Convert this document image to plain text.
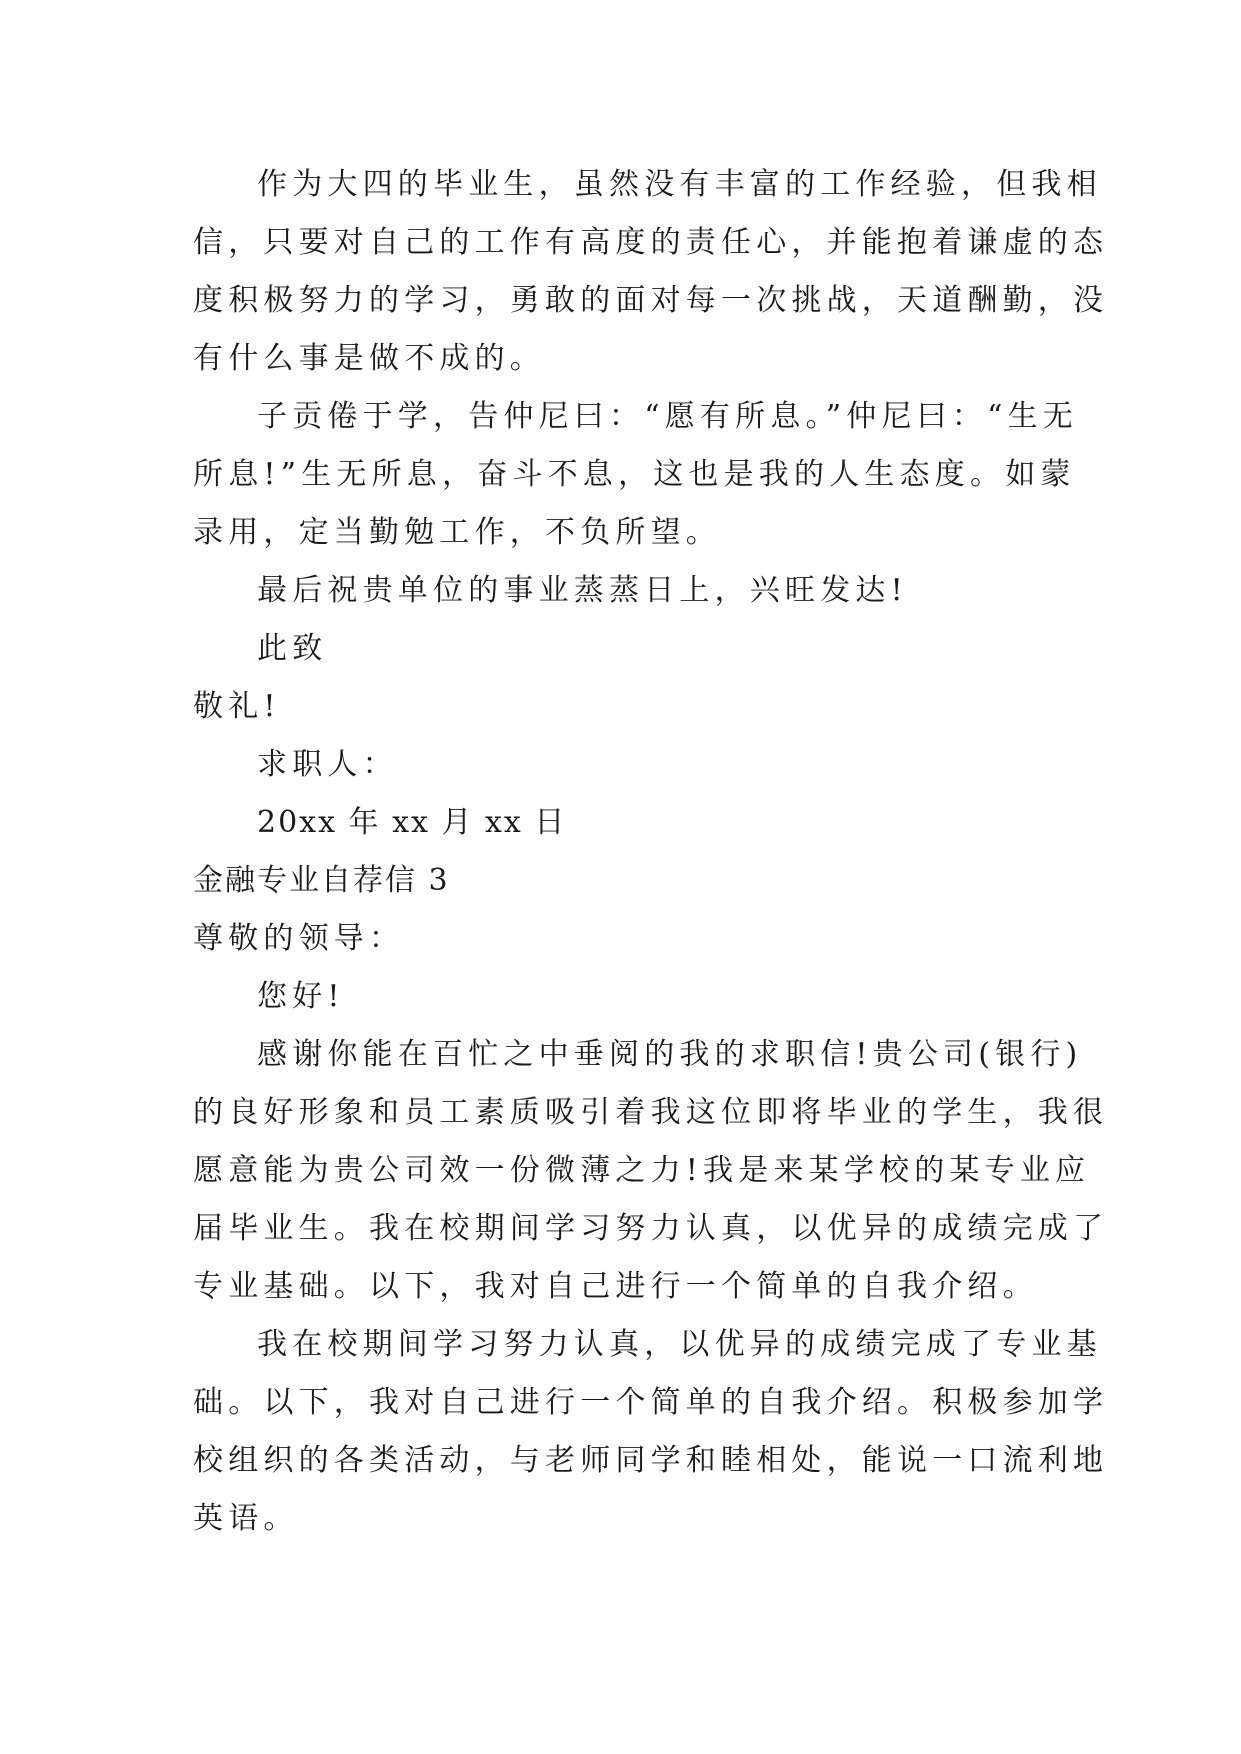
作为大四的毕业生，虽然没有丰富的工作经验，但我相
信，只要对自己的工作有高度的责任心，并能抱着谦虚的态
度积极努力的学习，勇敢的面对每一次挑战，天道酬勤，没
有什么事是做不成的。
子贡倦于学，告仲尼曰：“愿有所息。”仲尼曰：“生无
所息!”生无所息，奋斗不息，这也是我的人生态度。如蒙
录用，定当勤勉工作，不负所望。
最后祝贵单位的事业蒸蒸日上，兴旺发达!
此致
敬礼!
求职人：
20xx 年 xx 月 xx 日
金融专业自荐信 3
尊敬的领导：
您好!
感谢你能在百忙之中垂阅的我的求职信!贵公司(银行)
的良好形象和员工素质吸引着我这位即将毕业的学生，我很
愿意能为贵公司效一份微薄之力!我是来某学校的某专业应
届毕业生。我在校期间学习努力认真，以优异的成绩完成了
专业基础。以下，我对自己进行一个简单的自我介绍。
我在校期间学习努力认真，以优异的成绩完成了专业基
础。以下，我对自己进行一个简单的自我介绍。积极参加学
校组织的各类活动，与老师同学和睦相处，能说一口流利地
英语。
